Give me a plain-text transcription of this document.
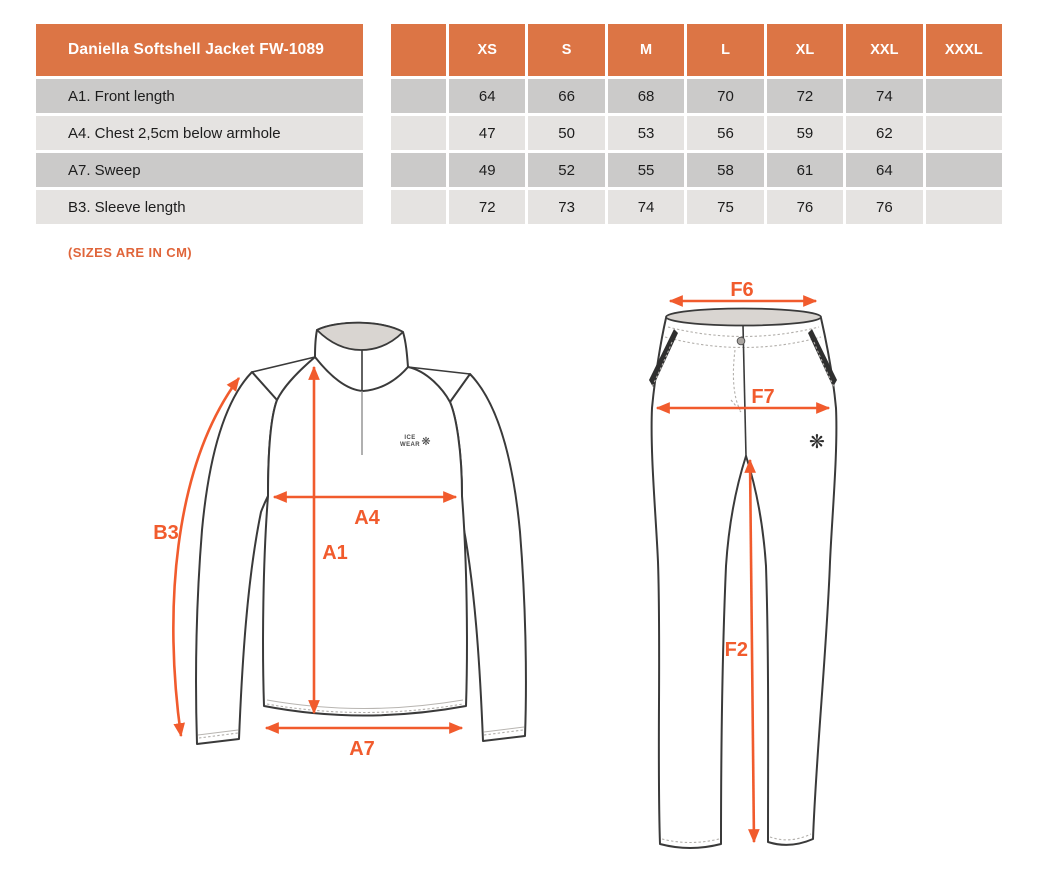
Daniella Softshell Jacket FW-1089	XS	S	M	L	XL	XXL	XXXL
A1. Front length	64	66	68	70	72	74
A4. Chest 2,5cm below armhole	47	50	53	56	59	62
A7. Sweep	49	52	55	58	61	64
B3. Sleeve length	72	73	74	75	76	76
(SIZES ARE IN CM)
ICE
WEAR ❋
B3
A1
A4
A7
❋
F6
F7
F2
